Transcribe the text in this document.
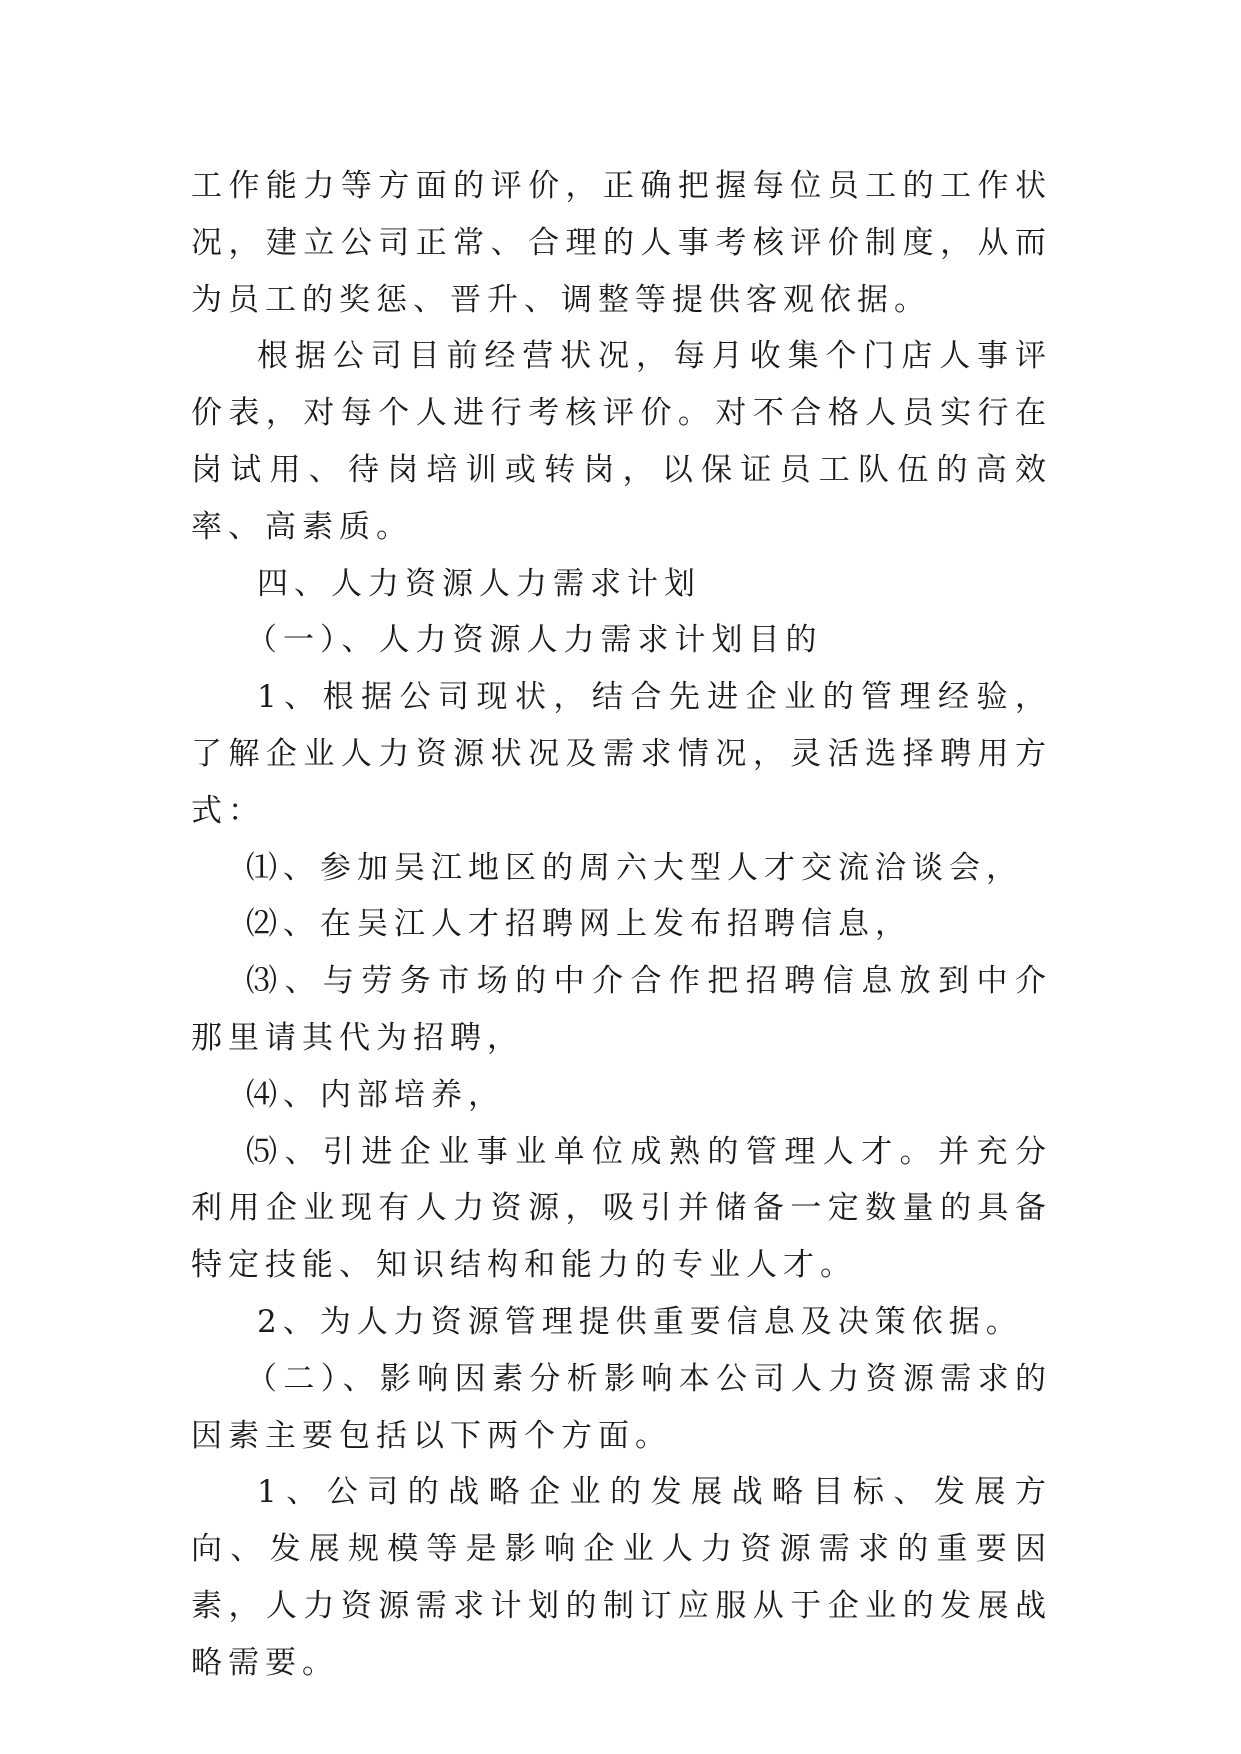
工作能力等方面的评价，正确把握每位员工的工作状况，建立公司正常、合理的人事考核评价制度，从而为员工的奖惩、晋升、调整等提供客观依据。

根据公司目前经营状况，每月收集个门店人事评价表，对每个人进行考核评价。对不合格人员实行在岗试用、待岗培训或转岗，以保证员工队伍的高效率、高素质。

四、人力资源人力需求计划

（一）、人力资源人力需求计划目的

1、根据公司现状，结合先进企业的管理经验，了解企业人力资源状况及需求情况，灵活选择聘用方式：

⑴、参加吴江地区的周六大型人才交流洽谈会，

⑵、在吴江人才招聘网上发布招聘信息，

⑶、与劳务市场的中介合作把招聘信息放到中介那里请其代为招聘，

⑷、内部培养，

⑸、引进企业事业单位成熟的管理人才。并充分利用企业现有人力资源，吸引并储备一定数量的具备特定技能、知识结构和能力的专业人才。

2、为人力资源管理提供重要信息及决策依据。

（二）、影响因素分析影响本公司人力资源需求的因素主要包括以下两个方面。

1、公司的战略企业的发展战略目标、发展方向、发展规模等是影响企业人力资源需求的重要因素，人力资源需求计划的制订应服从于企业的发展战略需要。
